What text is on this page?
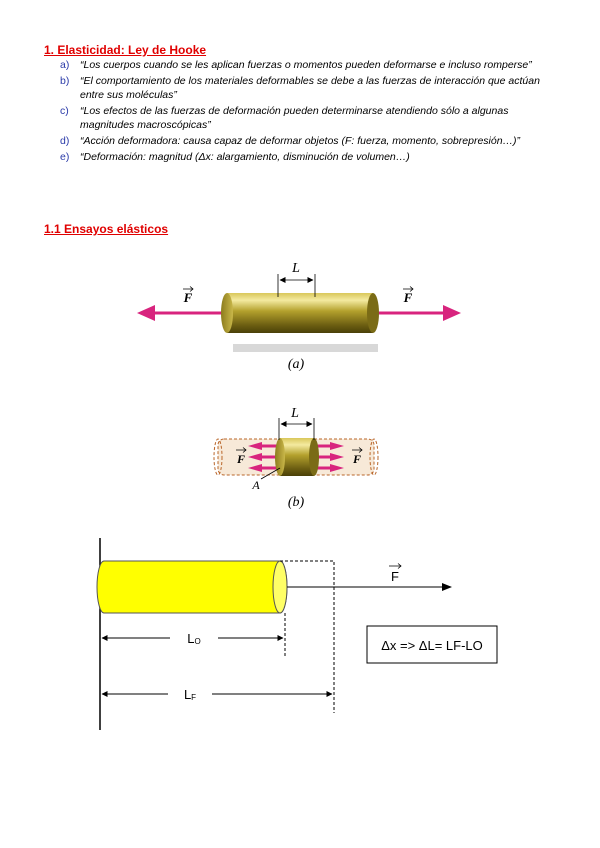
1. Elasticidad: Ley de Hooke
a) “Los cuerpos cuando se les aplican fuerzas o momentos pueden deformarse e incluso romperse”
b) “El comportamiento de los materiales deformables se debe a las fuerzas de interacción que actúan entre sus moléculas”
c) “Los efectos de las fuerzas de deformación pueden determinarse atendiendo sólo a algunas magnitudes macroscópicas”
d) “Acción deformadora: causa capaz de deformar objetos (F: fuerza, momento, sobrepresión…)”
e) “Deformación: magnitud (Δx: alargamiento, disminución de volumen…)
1.1 Ensayos elásticos
L
F	F
(a)
L
F	F
A
(b)
F
LO
LF
Δx => ΔL= LF-LO
